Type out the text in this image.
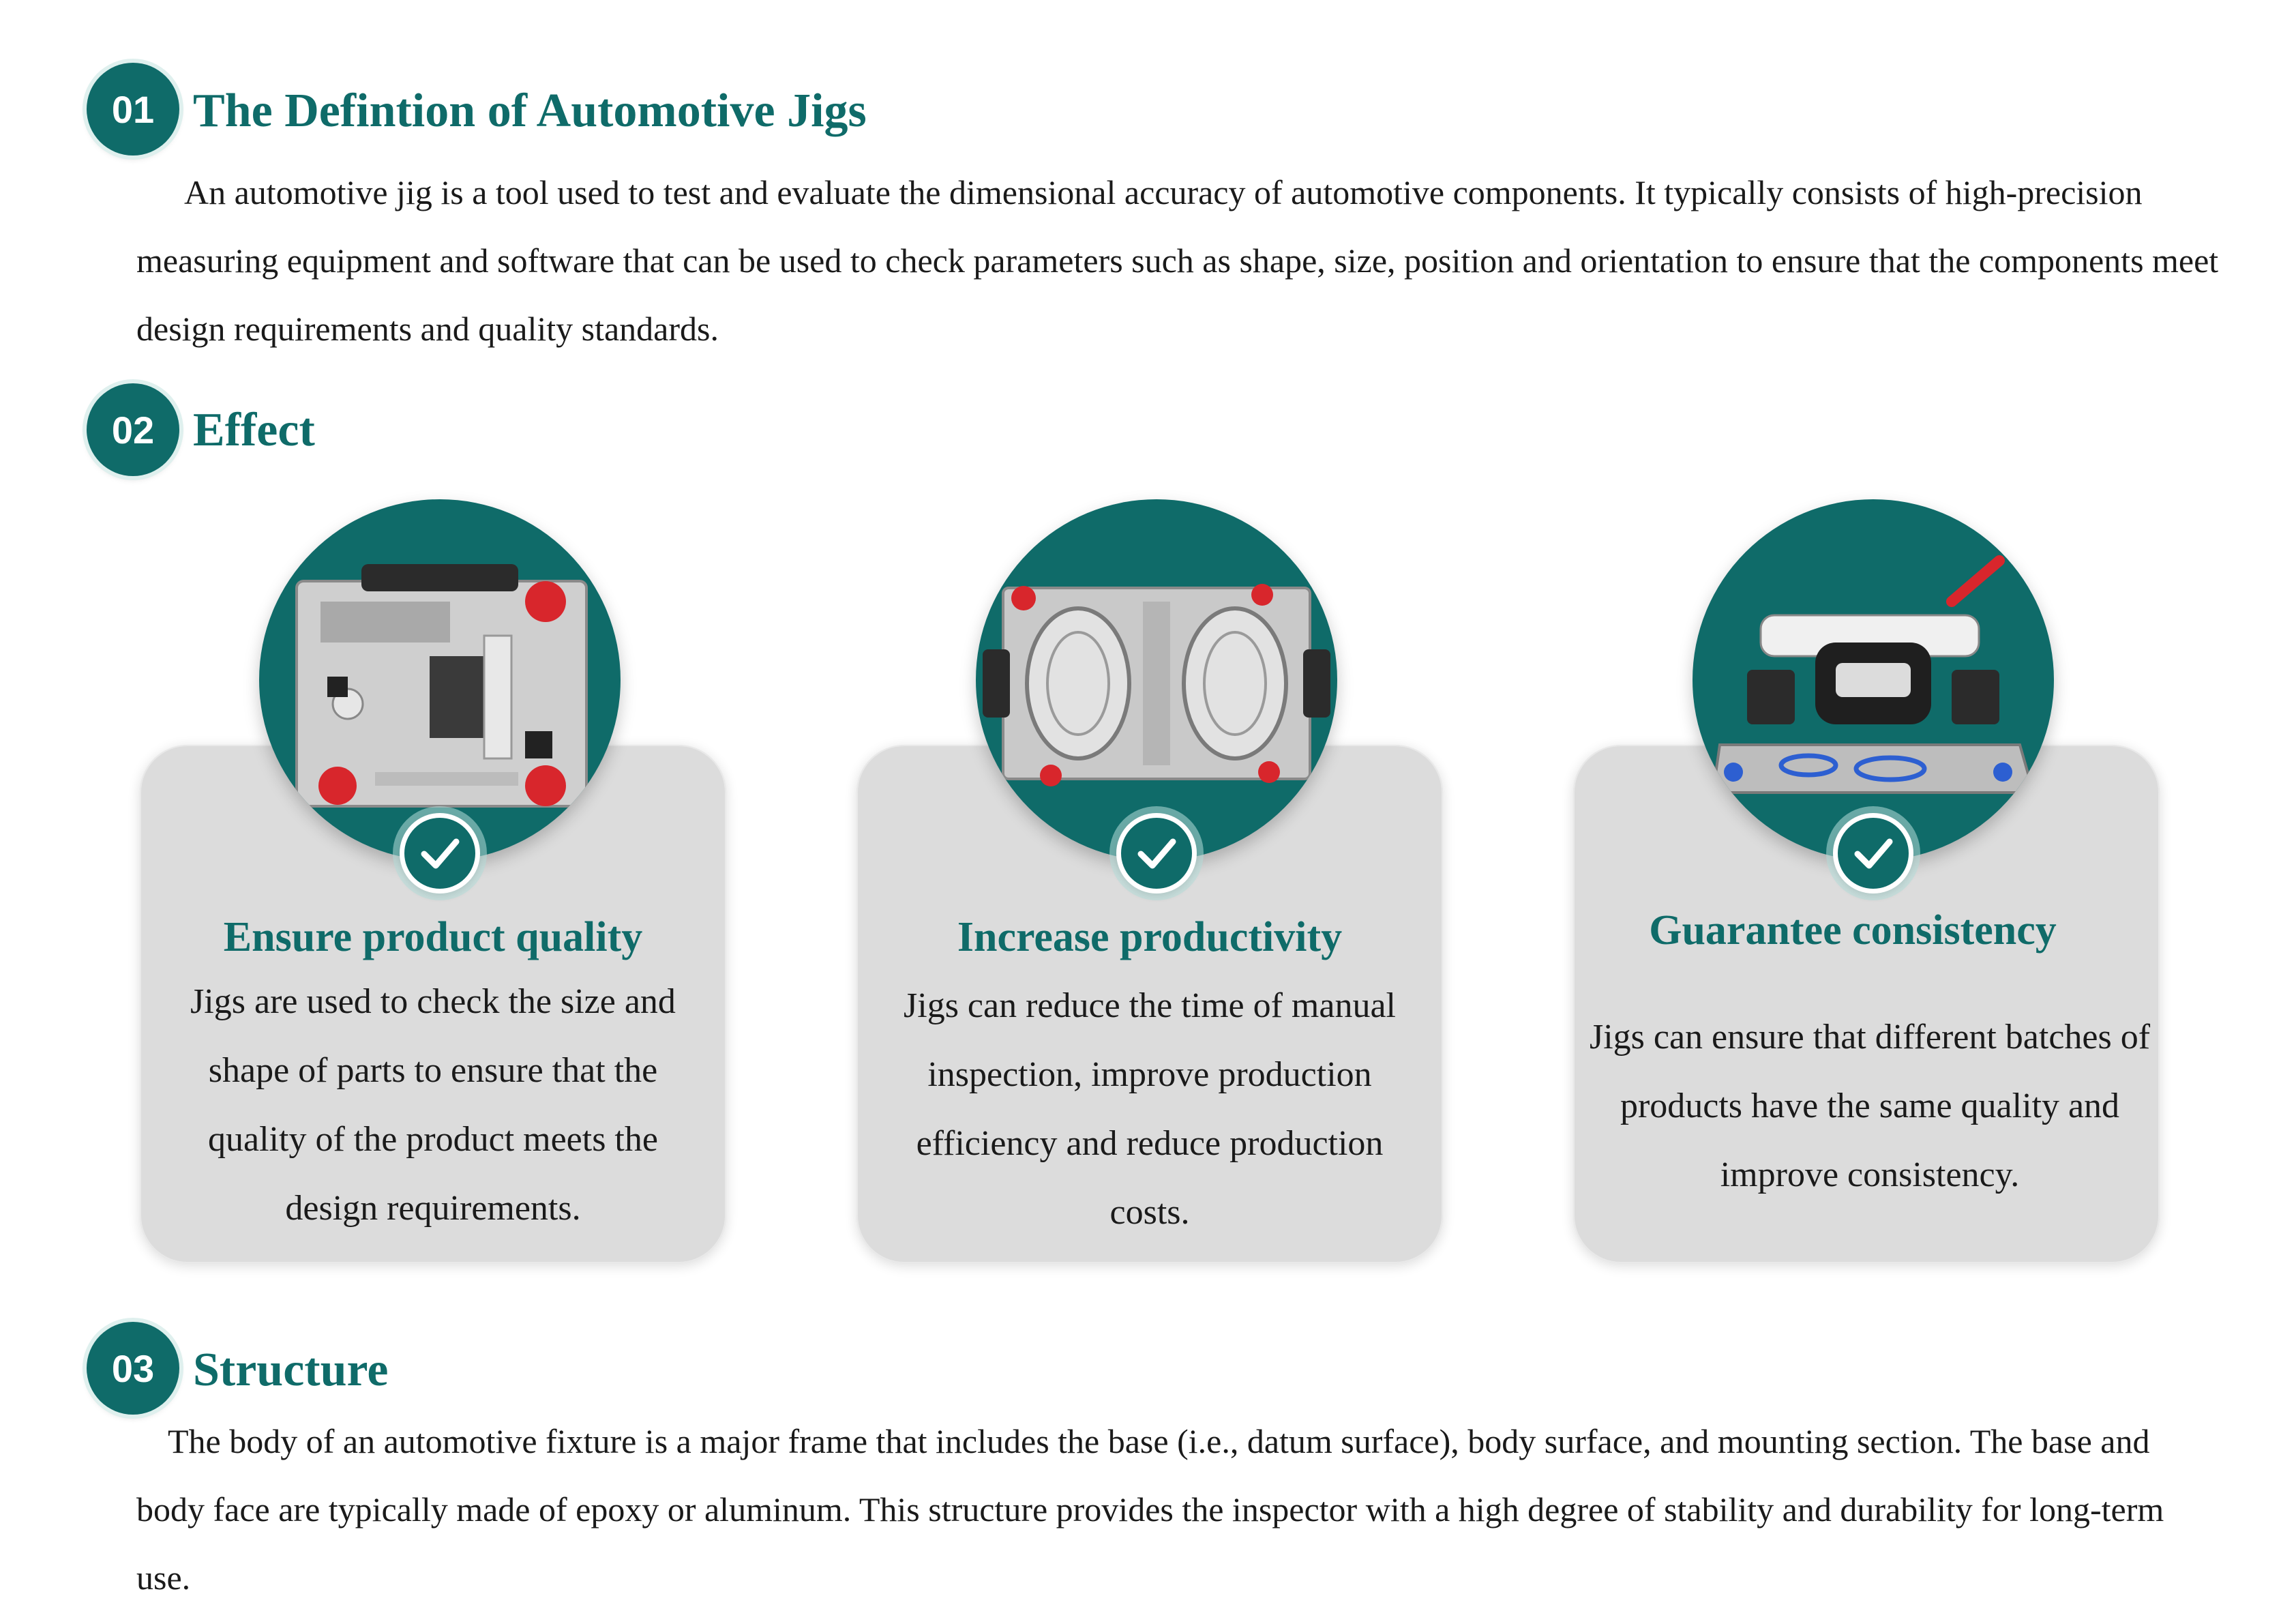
01 The Defintion of Automotive Jigs
An automotive jig is a tool used to test and evaluate the dimensional accuracy of automotive components. It typically consists of high-precision measuring equipment and software that can be used to check parameters such as shape, size, position and orientation to ensure that the components meet design requirements and quality standards.
02 Effect
Ensure product quality
Jigs are used to check the size and shape of parts to ensure that the quality of the product meets the design requirements.
Increase productivity
Jigs can reduce the time of manual inspection, improve production efficiency and reduce production costs.
Guarantee consistency
Jigs can ensure that different batches of products have the same quality and improve consistency.
03 Structure
The body of an automotive fixture is a major frame that includes the base (i.e., datum surface), body surface, and mounting section. The base and body face are typically made of epoxy or aluminum. This structure provides the inspector with a high degree of stability and durability for long-term use.
